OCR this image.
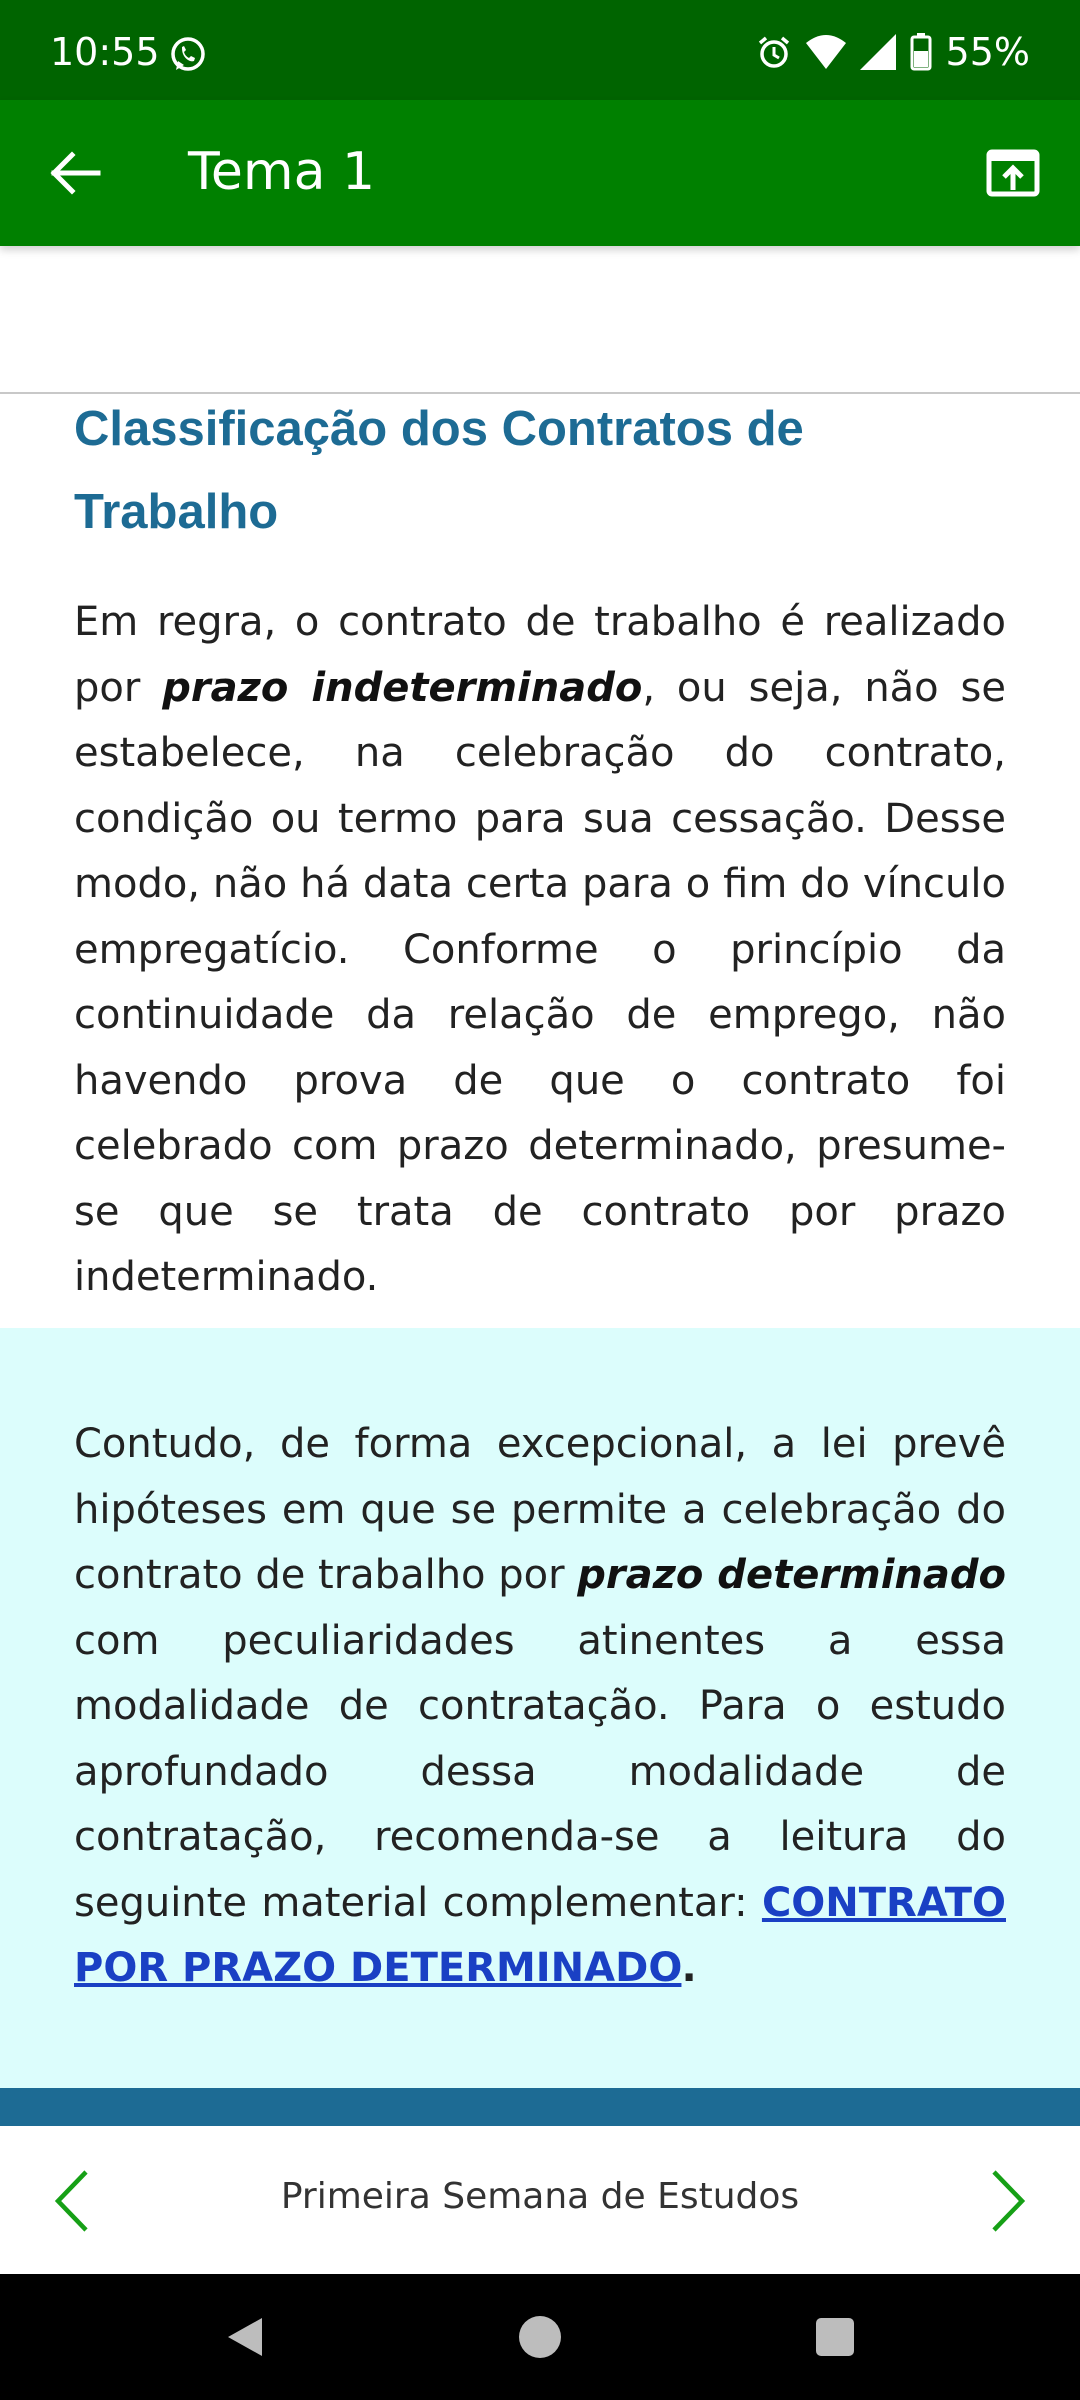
10:55	55%
Tema 1
Classificação dos Contratos de Trabalho

Em regra, o contrato de trabalho é realizado por prazo indeterminado, ou seja, não se estabelece, na celebração do contrato, condição ou termo para sua cessação. Desse modo, não há data certa para o fim do vínculo empregatício. Conforme o princípio da continuidade da relação de emprego, não havendo prova de que o contrato foi celebrado com prazo determinado, presume-se que se trata de contrato por prazo indeterminado.

Contudo, de forma excepcional, a lei prevê hipóteses em que se permite a celebração do contrato de trabalho por prazo determinado com peculiaridades atinentes a essa modalidade de contratação. Para o estudo aprofundado dessa modalidade de contratação, recomenda-se a leitura do seguinte material complementar: CONTRATO POR PRAZO DETERMINADO.

Primeira Semana de Estudos
